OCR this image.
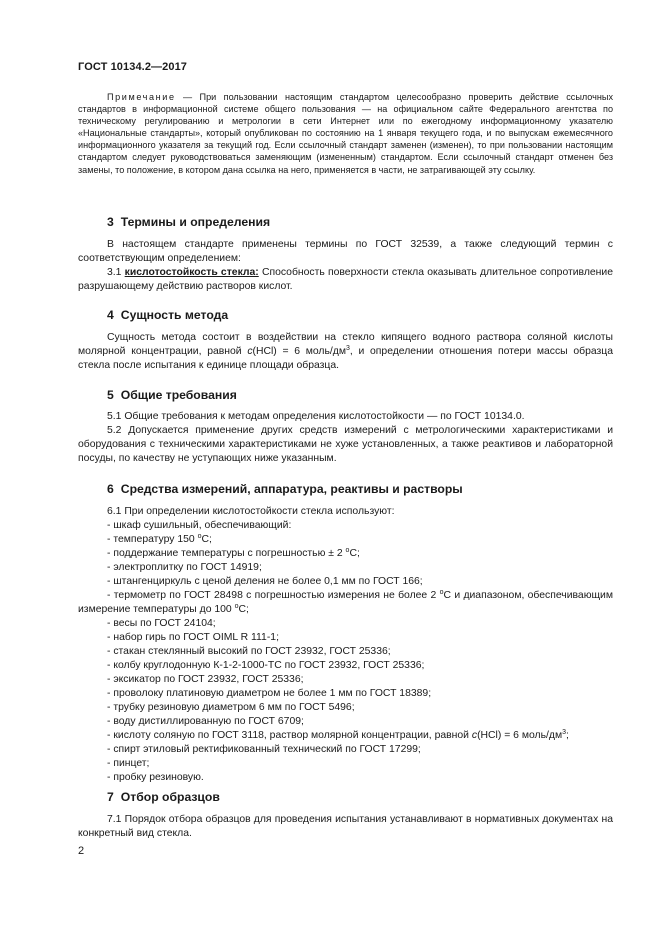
ГОСТ 10134.2—2017

Примечание — При пользовании настоящим стандартом целесообразно проверить действие ссылочных стандартов в информационной системе общего пользования — на официальном сайте Федерального агентства по техническому регулированию и метрологии в сети Интернет или по ежегодному информационному указателю «Национальные стандарты», который опубликован по состоянию на 1 января текущего года, и по выпускам ежемесячного информационного указателя за текущий год. Если ссылочный стандарт заменен (изменен), то при пользовании настоящим стандартом следует руководствоваться заменяющим (измененным) стандартом. Если ссылочный стандарт отменен без замены, то положение, в котором дана ссылка на него, применяется в части, не затрагивающей эту ссылку.

3 Термины и определения

В настоящем стандарте применены термины по ГОСТ 32539, а также следующий термин с соответствующим определением:

3.1 кислотостойкость стекла: Способность поверхности стекла оказывать длительное сопротивление разрушающему действию растворов кислот.

4 Сущность метода

Сущность метода состоит в воздействии на стекло кипящего водного раствора соляной кислоты молярной концентрации, равной c(HCl) = 6 моль/$дм^3$, и определении отношения потери массы образца стекла после испытания к единице площади образца.

5 Общие требования

5.1 Общие требования к методам определения кислотостойкости — по ГОСТ 10134.0.

5.2 Допускается применение других средств измерений с метрологическими характеристиками и оборудования с техническими характеристиками не хуже установленных, а также реактивов и лабораторной посуды, по качеству не уступающих ниже указанным.

6 Средства измерений, аппаратура, реактивы и растворы

6.1 При определении кислотостойкости стекла используют:

- шкаф сушильный, обеспечивающий:

- температуру 150 $^о$С;

- поддержание температуры с погрешностью ± 2 $^о$С;

- электроплитку по ГОСТ 14919;

- штангенциркуль с ценой деления не более 0,1 мм по ГОСТ 166;

- термометр по ГОСТ 28498 с погрешностью измерения не более 2 $^о$С и диапазоном, обеспечивающим измерение температуры до 100 $^о$С;

- весы по ГОСТ 24104;

- набор гирь по ГОСТ OIML R 111-1;

- стакан стеклянный высокий по ГОСТ 23932, ГОСТ 25336;

- колбу круглодонную К-1-2-1000-ТС по ГОСТ 23932, ГОСТ 25336;

- эксикатор по ГОСТ 23932, ГОСТ 25336;

- проволоку платиновую диаметром не более 1 мм по ГОСТ 18389;

- трубку резиновую диаметром 6 мм по ГОСТ 5496;

- воду дистиллированную по ГОСТ 6709;

- кислоту соляную по ГОСТ 3118, раствор молярной концентрации, равной c(HCl) = 6 моль/$дм^3$;

- спирт этиловый ректификованный технический по ГОСТ 17299;

- пинцет;

- пробку резиновую.

7 Отбор образцов

7.1 Порядок отбора образцов для проведения испытания устанавливают в нормативных документах на конкретный вид стекла.

2
